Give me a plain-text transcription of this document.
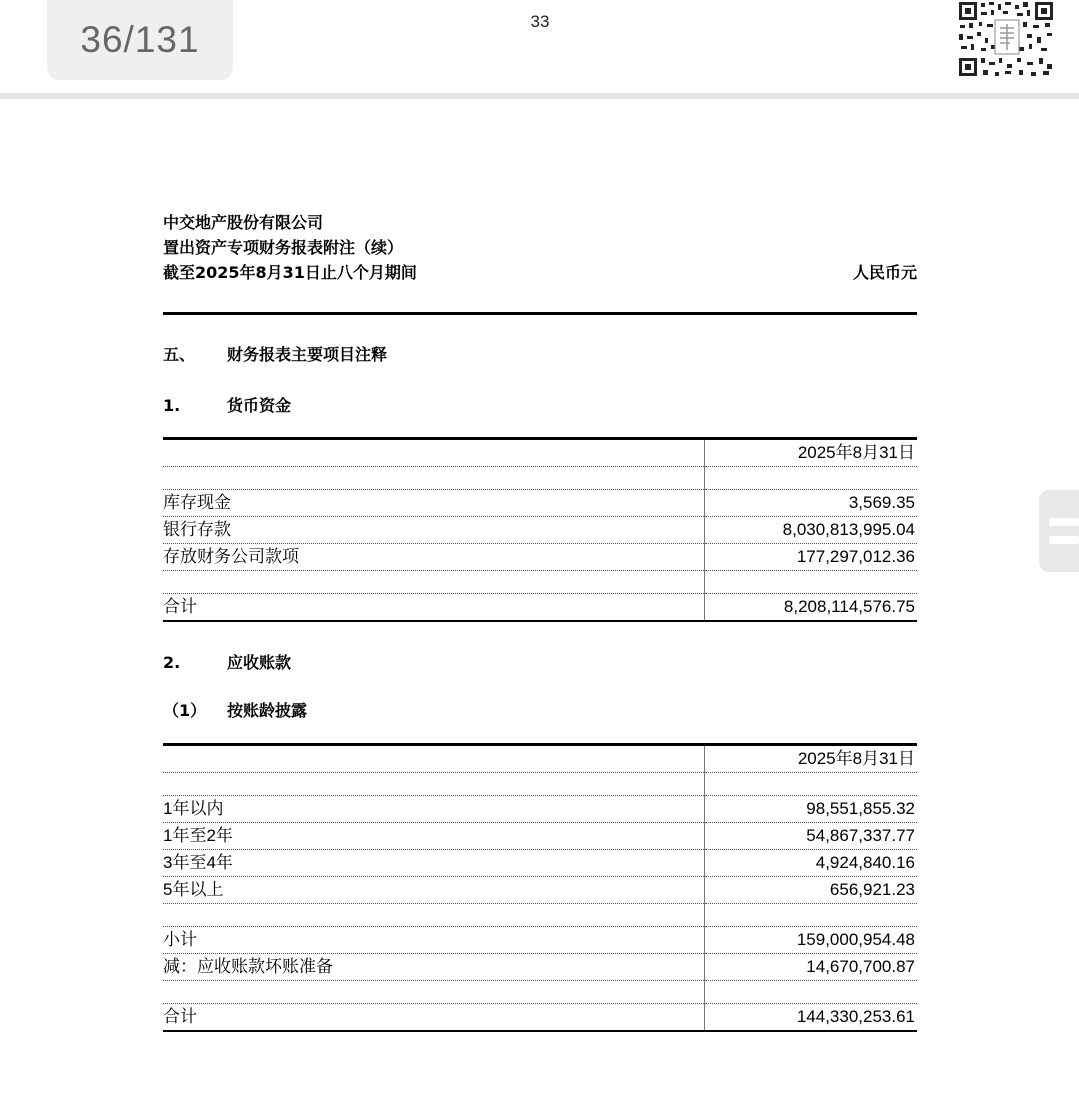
36/131	33
中交地产股份有限公司
置出资产专项财务报表附注（续）
截至2025年8月31日止八个月期间	人民币元
五、 财务报表主要项目注释
1.	货币资金
	2025年8月31日

库存现金	3,569.35
银行存款	8,030,813,995.04
存放财务公司款项	177,297,012.36

合计	8,208,114,576.75
2.	应收账款
（1） 按账龄披露
	2025年8月31日

1年以内	98,551,855.32
1年至2年	54,867,337.77
3年至4年	4,924,840.16
5年以上	656,921.23

小计	159,000,954.48
减：应收账款坏账准备	14,670,700.87

合计	144,330,253.61
